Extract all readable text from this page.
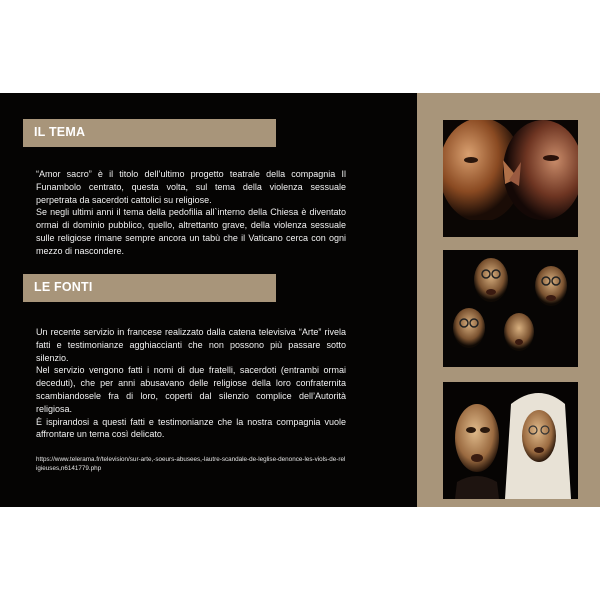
IL TEMA

“Amor sacro” è il titolo dell’ultimo progetto teatrale della compagnia Il Funambolo centrato, questa volta, sul tema della violenza sessuale perpetrata da sacerdoti cattolici su religiose.

Se negli ultimi anni il tema della pedofilia all`interno della Chiesa è diventato ormai di dominio pubblico, quello, altrettanto grave, della violenza sessuale sulle religiose rimane sempre ancora un tabù che il Vaticano cerca con ogni mezzo di nascondere.

LE FONTI

Un recente servizio in francese realizzato dalla catena televisiva “Arte” rivela fatti e testimonianze agghiaccianti che non possono più passare sotto silenzio.

Nel servizio vengono fatti i nomi di due fratelli, sacerdoti (entrambi ormai deceduti), che per anni abusavano delle religiose della loro confraternita scambiandosele fra di loro, coperti dal silenzio complice dell’Autorità religiosa.

È ispirandosi a questi fatti e testimonianze che la nostra compagnia vuole affrontare un tema così delicato.

https://www.telerama.fr/television/sur-arte,-soeurs-abusees,-lautre-scandale-de-leglise-denonce-les-viols-de-religieuses,n6141779.php
